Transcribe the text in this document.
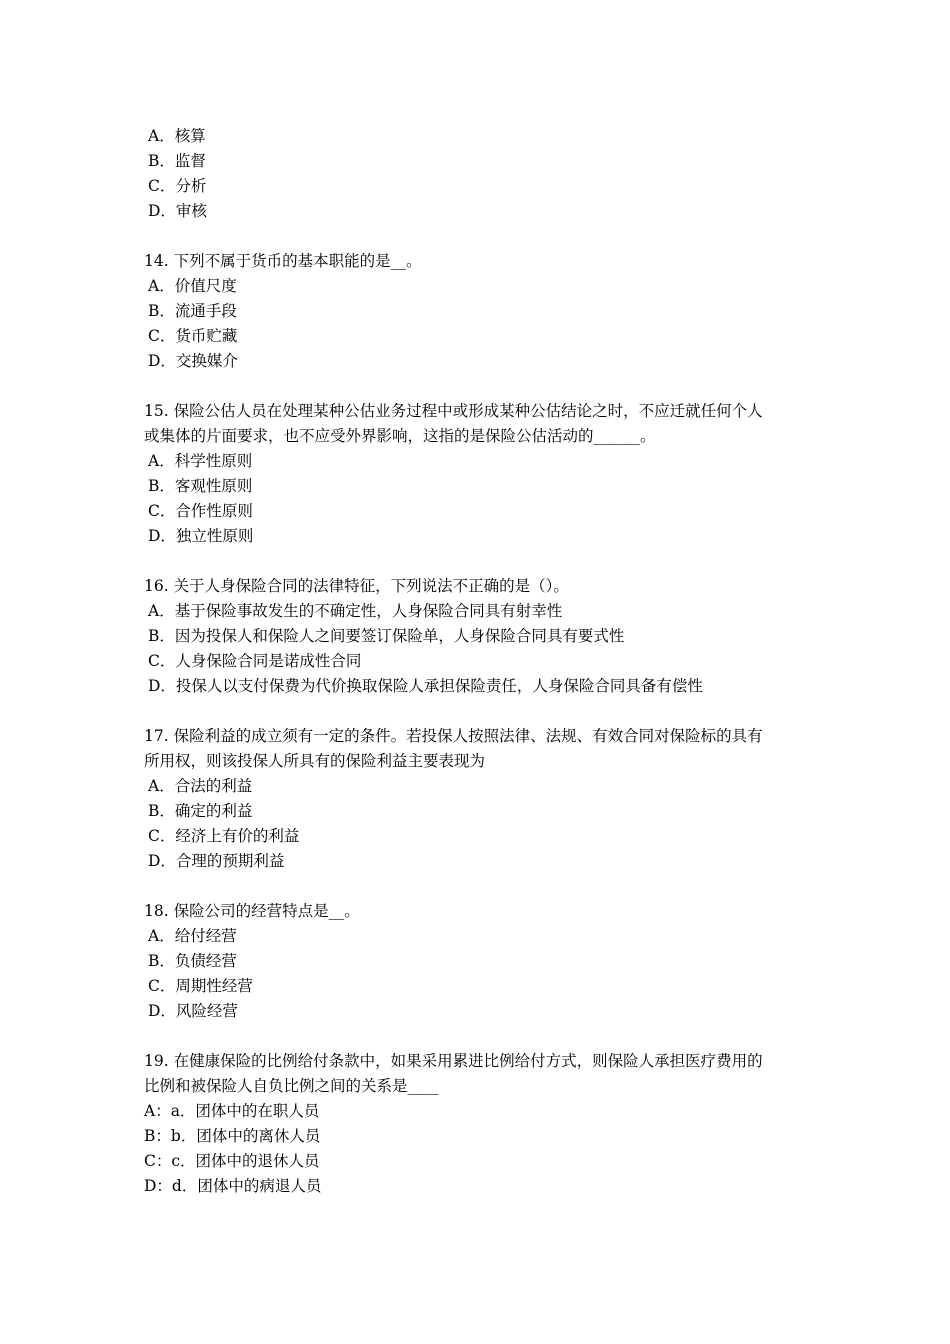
A．核算
B．监督
C．分析
D．审核
14. 下列不属于货币的基本职能的是__。
A．价值尺度
B．流通手段
C．货币贮藏
D．交换媒介
15. 保险公估人员在处理某种公估业务过程中或形成某种公估结论之时，不应迁就任何个人
或集体的片面要求，也不应受外界影响，这指的是保险公估活动的______。
A．科学性原则
B．客观性原则
C．合作性原则
D．独立性原则
16. 关于人身保险合同的法律特征，下列说法不正确的是（）。
A．基于保险事故发生的不确定性，人身保险合同具有射幸性
B．因为投保人和保险人之间要签订保险单，人身保险合同具有要式性
C．人身保险合同是诺成性合同
D．投保人以支付保费为代价换取保险人承担保险责任，人身保险合同具备有偿性
17. 保险利益的成立须有一定的条件。若投保人按照法律、法规、有效合同对保险标的具有
所用权，则该投保人所具有的保险利益主要表现为
A．合法的利益
B．确定的利益
C．经济上有价的利益
D．合理的预期利益
18. 保险公司的经营特点是__。
A．给付经营
B．负债经营
C．周期性经营
D．风险经营
19. 在健康保险的比例给付条款中，如果采用累进比例给付方式，则保险人承担医疗费用的
比例和被保险人自负比例之间的关系是____
A：a．团体中的在职人员
B：b．团体中的离休人员
C：c．团体中的退休人员
D：d．团体中的病退人员
